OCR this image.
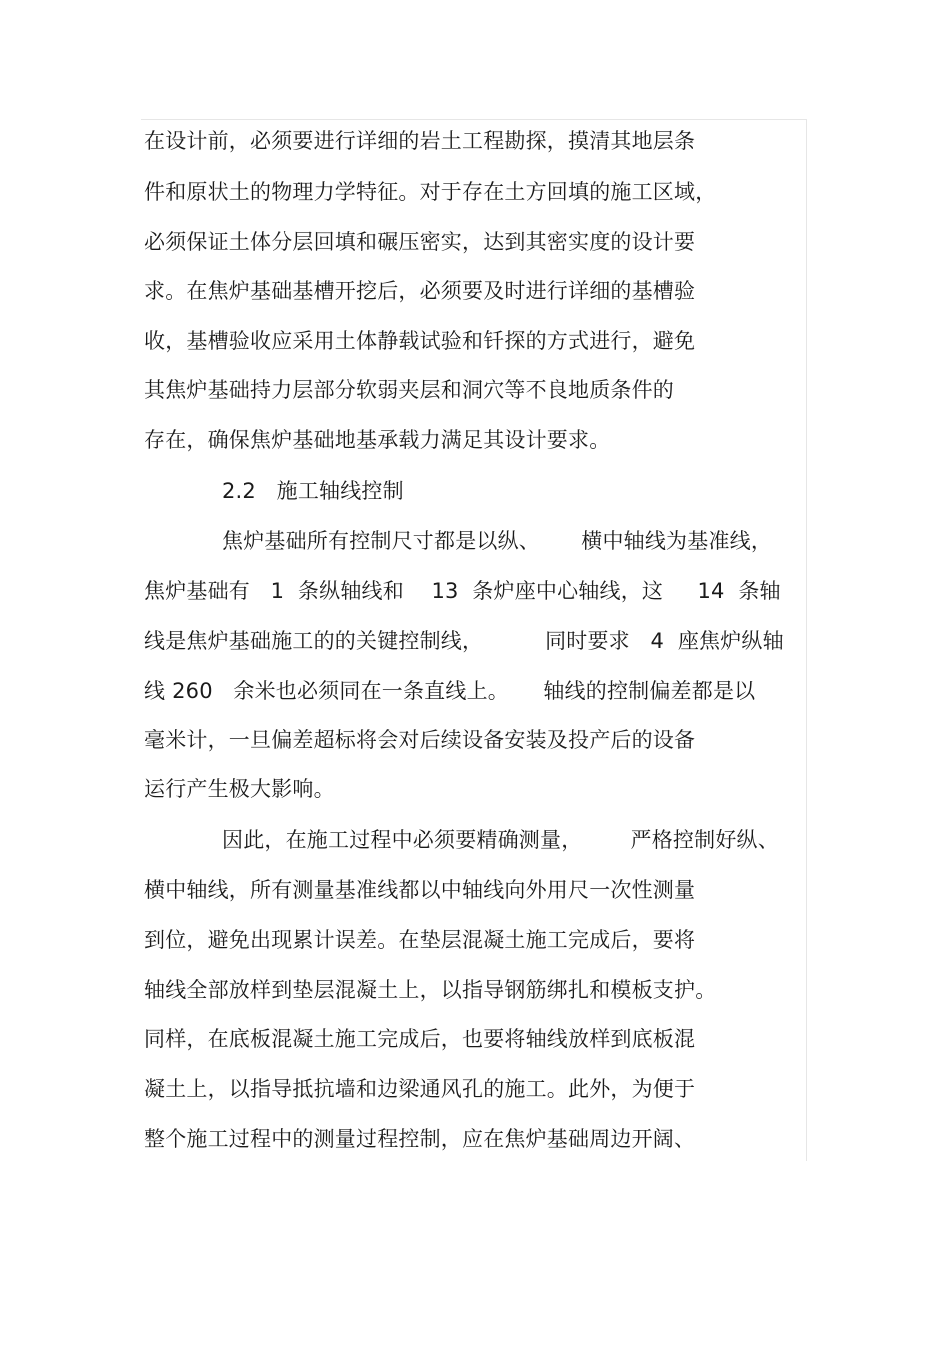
在设计前，必须要进行详细的岩土工程勘探，摸清其地层条
件和原状土的物理力学特征。对于存在土方回填的施工区域，
必须保证土体分层回填和碾压密实，达到其密实度的设计要
求。在焦炉基础基槽开挖后，必须要及时进行详细的基槽验
收，基槽验收应采用土体静载试验和钎探的方式进行，避免
其焦炉基础持力层部分软弱夹层和洞穴等不良地质条件的
存在，确保焦炉基础地基承载力满足其设计要求。
2.2   施工轴线控制
焦炉基础所有控制尺寸都是以纵、      横中轴线为基准线，
焦炉基础有   1  条纵轴线和    13  条炉座中心轴线，这     14  条轴
线是焦炉基础施工的的关键控制线，         同时要求   4  座焦炉纵轴
线 260   余米也必须同在一条直线上。     轴线的控制偏差都是以
毫米计，一旦偏差超标将会对后续设备安装及投产后的设备
运行产生极大影响。
因此，在施工过程中必须要精确测量，       严格控制好纵、
横中轴线，所有测量基准线都以中轴线向外用尺一次性测量
到位，避免出现累计误差。在垫层混凝土施工完成后，要将
轴线全部放样到垫层混凝土上，以指导钢筋绑扎和模板支护。
同样，在底板混凝土施工完成后，也要将轴线放样到底板混
凝土上，以指导抵抗墙和边梁通风孔的施工。此外，为便于
整个施工过程中的测量过程控制，应在焦炉基础周边开阔、
